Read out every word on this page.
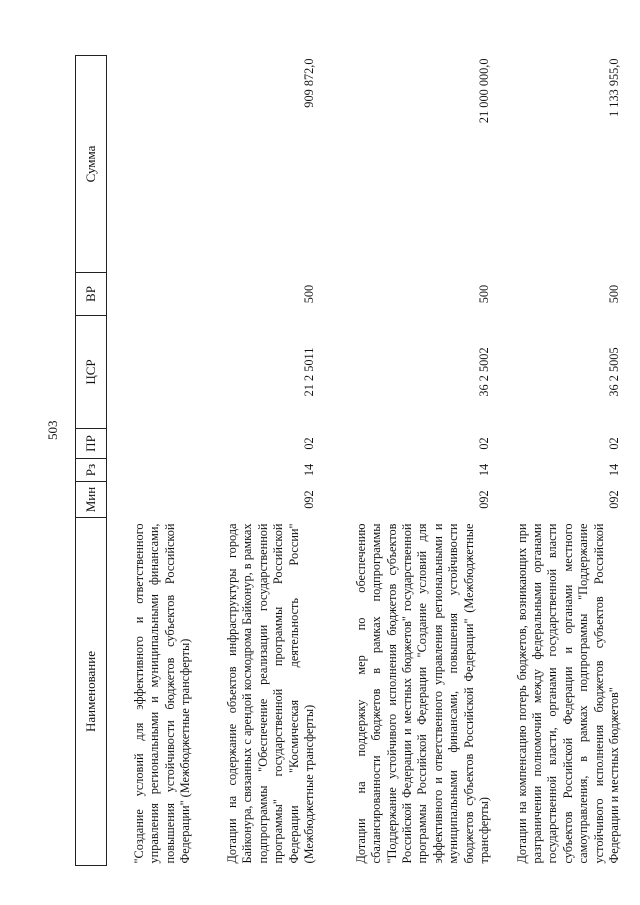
503
Наименование	Мин	Рз	ПР	ЦСР	ВР	Сумма
"Создание условий для эффективного и ответственного управления региональными и муниципальными финансами, повышения устойчивости бюджетов субъектов Российской Федерации" (Межбюджетные трансферты)						
Дотации на содержание объектов инфраструктуры города Байконура, связанных с арендой космодрома Байконур, в рамках подпрограммы "Обеспечение реализации государственной программы" государственной программы Российской Федерации "Космическая деятельность России" (Межбюджетные трансферты)	092	14	02	21 2 5011	500	909 872,0
Дотации на поддержку мер по обеспечению сбалансированности бюджетов в рамках подпрограммы "Поддержание устойчивого исполнения бюджетов субъектов Российской Федерации и местных бюджетов" государственной программы Российской Федерации "Создание условий для эффективного и ответственного управления региональными и муниципальными финансами, повышения устойчивости бюджетов субъектов Российской Федерации" (Межбюджетные трансферты)	092	14	02	36 2 5002	500	21 000 000,0
Дотации на компенсацию потерь бюджетов, возникающих при разграничении полномочий между федеральными органами государственной власти, органами государственной власти субъектов Российской Федерации и органами местного самоуправления, в рамках подпрограммы "Поддержание устойчивого исполнения бюджетов субъектов Российской Федерации и местных бюджетов"	092	14	02	36 2 5005	500	1 133 955,0
